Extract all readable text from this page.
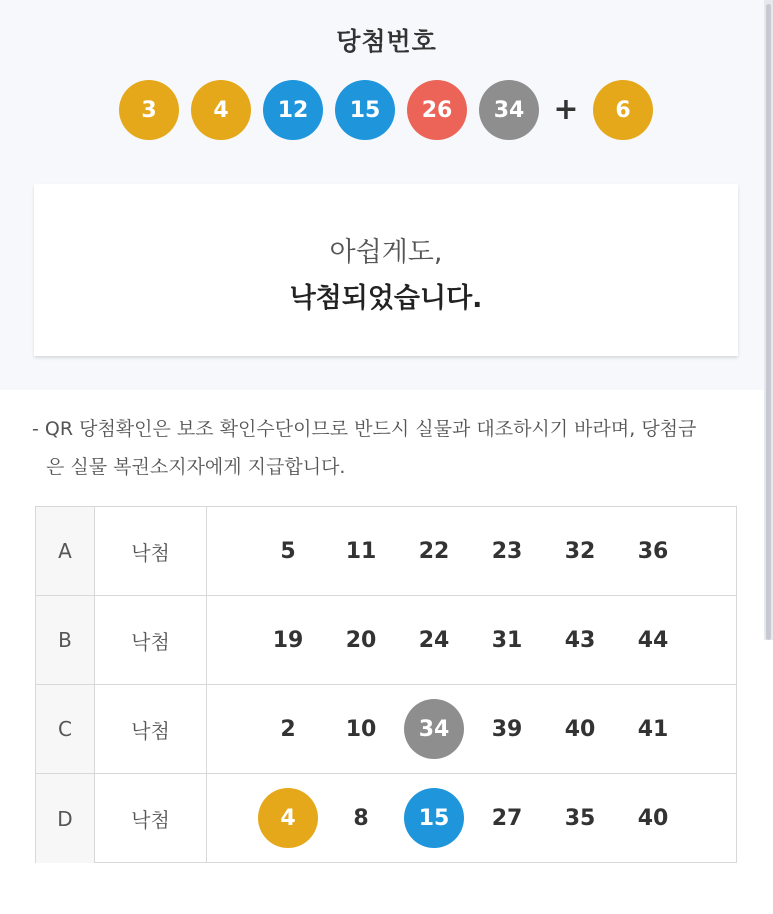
당첨번호
3	4	12	15	26	34 +	6
아쉽게도,
낙첨되었습니다.
- QR 당첨확인은 보조 확인수단이므로 반드시 실물과 대조하시기 바라며, 당첨금
은 실물 복권소지자에게 지급합니다.
A	낙첨	5	11	22	23	32	36
B	낙첨	19	20	24	31	43	44
C	낙첨	2	10	34	39	40	41
D	낙첨	4	8	15	27	35	40
